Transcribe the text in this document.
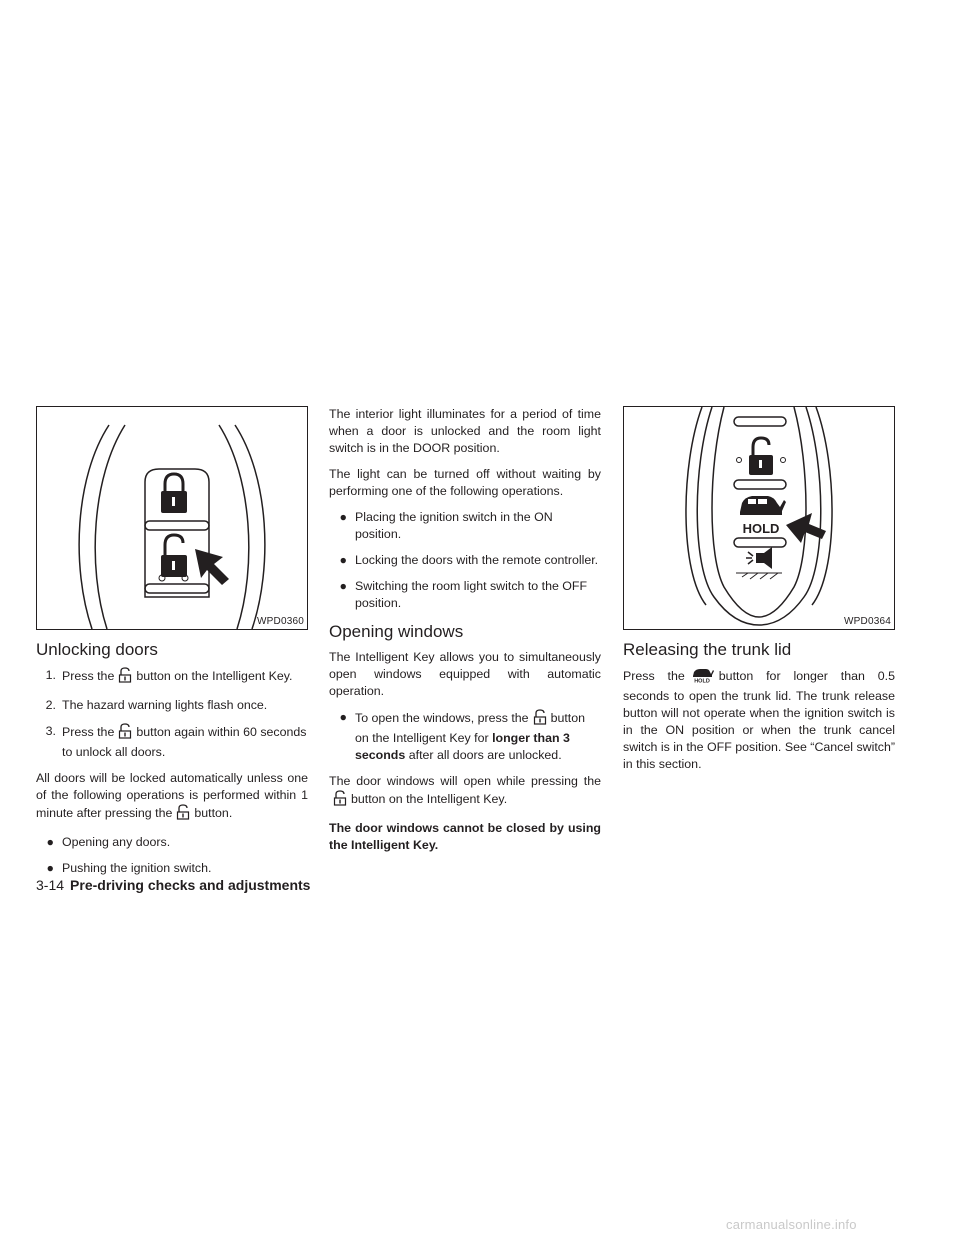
WPD0360
Unlocking doors
1. Press the button on the Intelligent Key.
2. The hazard warning lights flash once.
3. Press the button again within 60 seconds to unlock all doors.

All doors will be locked automatically unless one of the following operations is performed within 1 minute after pressing the button.

● Opening any doors.
● Pushing the ignition switch.

The interior light illuminates for a period of time when a door is unlocked and the room light switch is in the DOOR position.

The light can be turned off without waiting by performing one of the following operations.

● Placing the ignition switch in the ON position.
● Locking the doors with the remote controller.
● Switching the room light switch to the OFF position.
Opening windows

The Intelligent Key allows you to simultaneously open windows equipped with automatic operation.

● To open the windows, press the button on the Intelligent Key for longer than 3 seconds after all doors are unlocked.

The door windows will open while pressing thebutton on the Intelligent Key.

The door windows cannot be closed by using the Intelligent Key.

HOLD
WPD0364
Releasing the trunk lid

Press the HOLD button for longer than 0.5 seconds to open the trunk lid. The trunk release button will not operate when the ignition switch is in the ON position or when the trunk cancel switch is in the OFF position. See “Cancel switch” in this section.

3-14 Pre-driving checks and adjustments
carmanualsonline.info
